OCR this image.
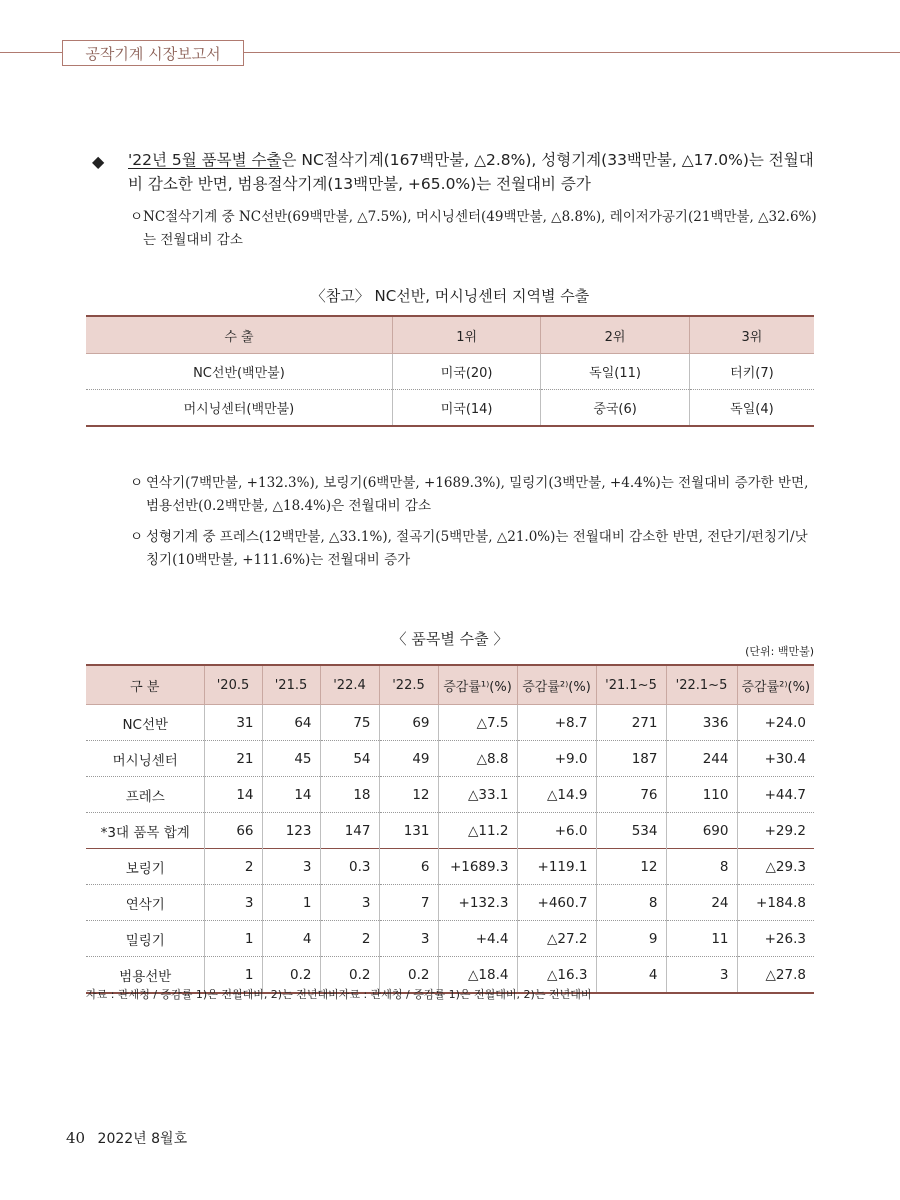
공작기계 시장보고서
◆ '22년 5월 품목별 수출은 NC절삭기계(167백만불, △2.8%), 성형기계(33백만불, △17.0%)는 전월대비 감소한 반면, 범용절삭기계(13백만불, +65.0%)는 전월대비 증가
ㅇ NC절삭기계 중 NC선반(69백만불, △7.5%), 머시닝센터(49백만불, △8.8%), 레이저가공기(21백만불, △32.6%)는 전월대비 감소
〈참고〉 NC선반, 머시닝센터 지역별 수출
수 출	1위	2위	3위
NC선반(백만불)	미국(20)	독일(11)	터키(7)
머시닝센터(백만불)	미국(14)	중국(6)	독일(4)
ㅇ 연삭기(7백만불, +132.3%), 보링기(6백만불, +1689.3%), 밀링기(3백만불, +4.4%)는 전월대비 증가한 반면, 범용선반(0.2백만불, △18.4%)은 전월대비 감소
ㅇ 성형기계 중 프레스(12백만불, △33.1%), 절곡기(5백만불, △21.0%)는 전월대비 감소한 반면, 전단기/펀칭기/낫칭기(10백만불, +111.6%)는 전월대비 증가
〈 품목별 수출 〉
(단위: 백만불)
구 분	'20.5	'21.5	'22.4	'22.5	증감률¹⁾(%)	증감률²⁾(%)	'21.1~5	'22.1~5	증감률²⁾(%)
NC선반	31	64	75	69	△7.5	+8.7	271	336	+24.0
머시닝센터	21	45	54	49	△8.8	+9.0	187	244	+30.4
프레스	14	14	18	12	△33.1	△14.9	76	110	+44.7
*3대 품목 합계	66	123	147	131	△11.2	+6.0	534	690	+29.2
보링기	2	3	0.3	6	+1689.3	+119.1	12	8	△29.3
연삭기	3	1	3	7	+132.3	+460.7	8	24	+184.8
밀링기	1	4	2	3	+4.4	△27.2	9	11	+26.3
범용선반	1	0.2	0.2	0.2	△18.4	△16.3	4	3	△27.8
자료 : 관세청 / 증감률 1)은 전월대비, 2)는 전년대비자료 : 관세청 / 증감률 1)은 전월대비, 2)는 전년대비
40 2022년 8월호
